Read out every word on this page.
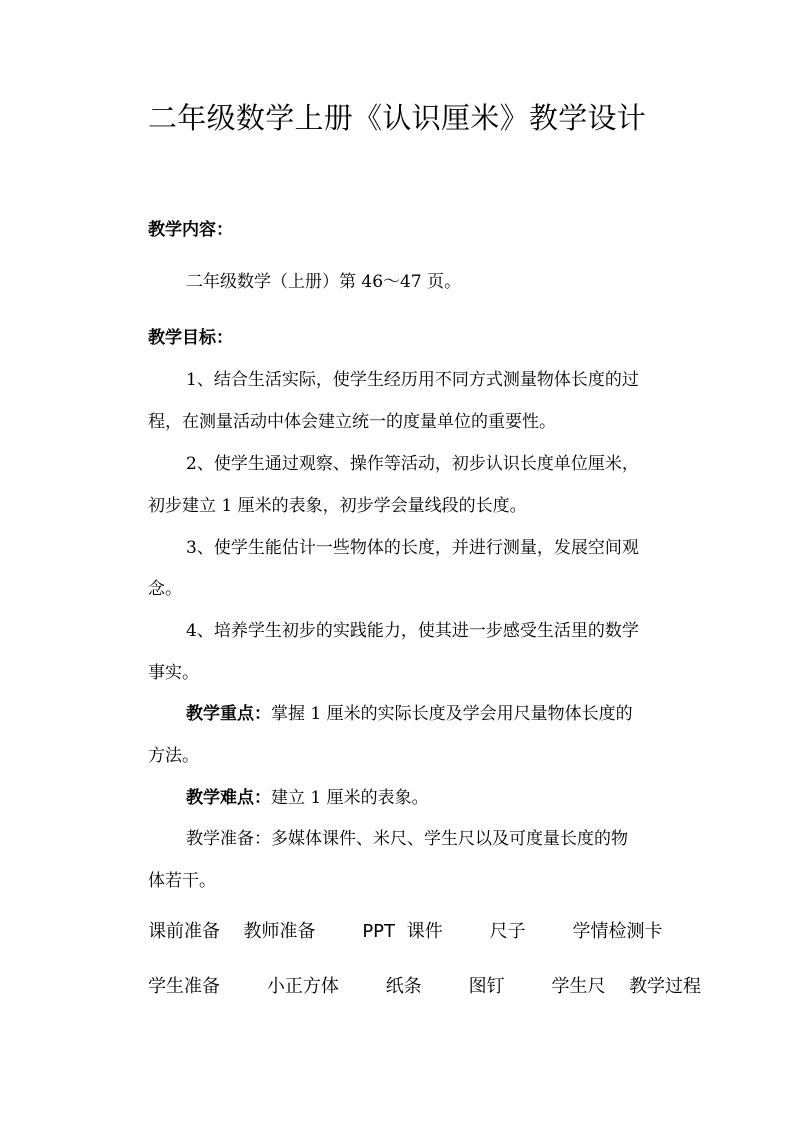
二年级数学上册《认识厘米》教学设计
教学内容：
二年级数学（上册）第 46～47 页。
教学目标：
1、结合生活实际，使学生经历用不同方式测量物体长度的过
程，在测量活动中体会建立统一的度量单位的重要性。
2、使学生通过观察、操作等活动，初步认识长度单位厘米，
初步建立 1 厘米的表象，初步学会量线段的长度。
3、使学生能估计一些物体的长度，并进行测量，发展空间观
念。
4、培养学生初步的实践能力，使其进一步感受生活里的数学
事实。
教学重点：掌握 1 厘米的实际长度及学会用尺量物体长度的
方法。
教学难点：建立 1 厘米的表象。
教学准备：多媒体课件、米尺、学生尺以及可度量长度的物
体若干。
课前准备  教师准备    PPT 课件    尺子    学情检测卡
学生准备    小正方体    纸条    图钉    学生尺  教学过程
